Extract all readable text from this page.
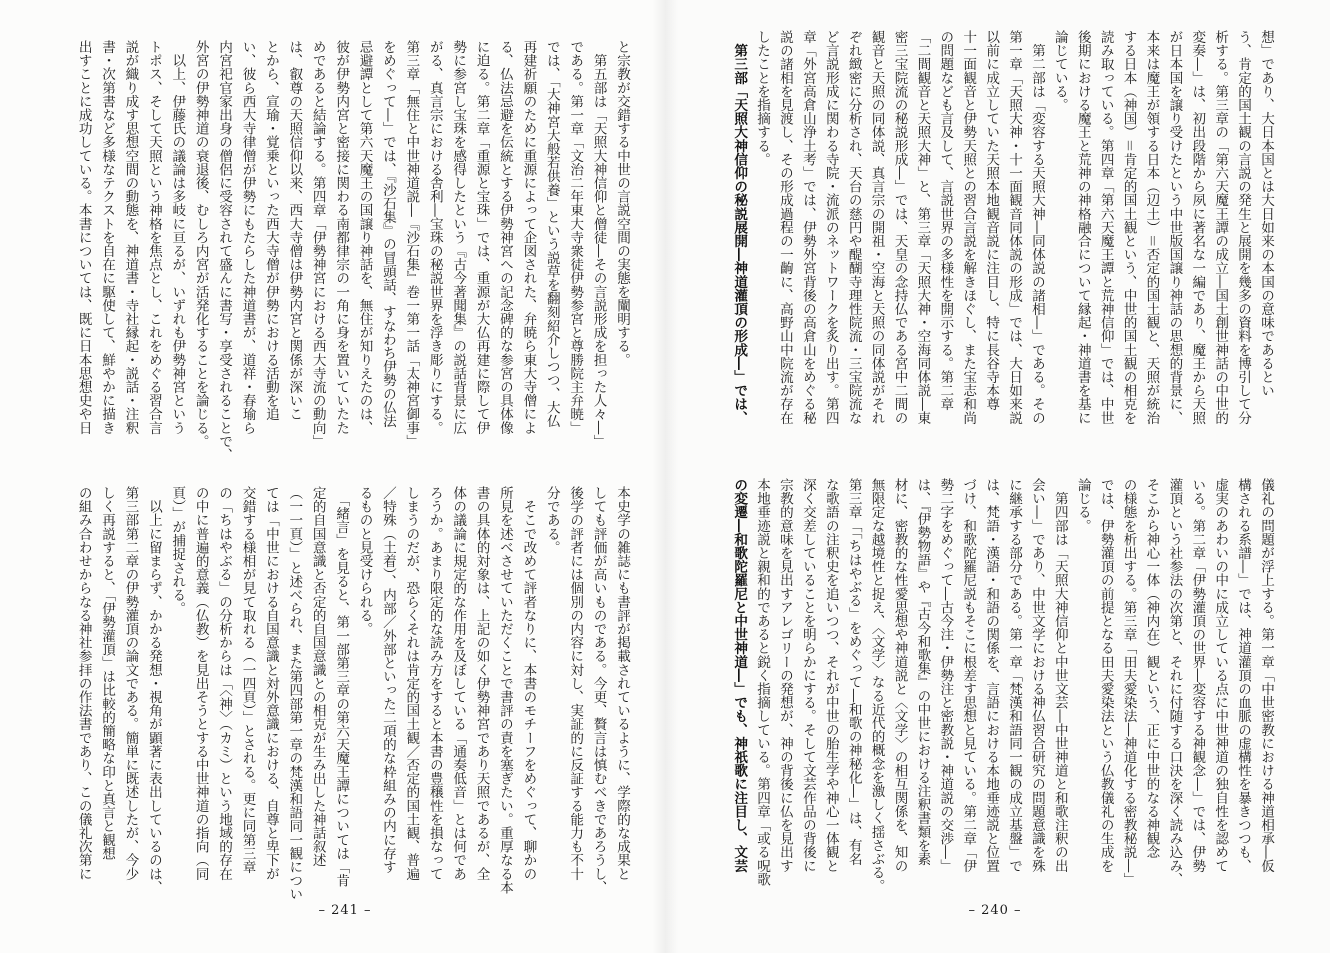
と宗教が交錯する中世の言説空間の実態を闡明する。
　第五部は「天照大神信仰と僧徒―その言説形成を担った人々―」
である。第一章「文治二年東大寺衆徒伊勢参宮と尊勝院主弁暁」
では、「大神宮大般若供養」という説草を翻刻紹介しつつ、大仏
再建祈願のために重源によって企図された、弁暁ら東大寺僧によ
る、仏法忌避を伝統とする伊勢神宮への記念碑的な参宮の具体像
に迫る。第二章「重源と宝珠」では、重源が大仏再建に際して伊
勢に参宮し宝珠を感得したという『古今著聞集』の説話背景に広
がる、真言宗における舎利―宝珠の秘説世界を浮き彫りにする。
第三章「無住と中世神道説―『沙石集』巻一第一話「太神宮御事」
をめぐって―」では、『沙石集』の冒頭話、すなわち伊勢の仏法
忌避譚として第六天魔王の国譲り神話を、無住が知りえたのは、
彼が伊勢内宮と密接に関わる南都律宗の一角に身を置いていたた
めであると結論する。第四章「伊勢神宮における西大寺流の動向」
は、叡尊の天照信仰以来、西大寺僧は伊勢内宮と関係が深いこ
とから、宣瑜・覚乗といった西大寺僧が伊勢における活動を追
い、彼ら西大寺律僧が伊勢にもたらした神道書が、道祥・春瑜ら
内宮祀官家出身の僧侶に受容されて盛んに書写・享受されることで、
外宮の伊勢神道の衰退後、むしろ内宮が活発化することを論じる。
　以上、伊藤氏の議論は多岐に亘るが、いずれも伊勢神宮という
トポス、そして天照という神格を焦点とし、これをめぐる習合言
説が織り成す思想空間の動態を、神道書・寺社縁起・説話・注釈
書・次第書など多様なテクストを自在に駆使して、鮮やかに描き
出すことに成功している。本書については、既に日本思想史や日
本史学の雑誌にも書評が掲載されているように、学際的な成果と
しても評価が高いものである。今更、贅言は慎むべきであろうし、
後学の評者には個別の内容に対し、実証的に反証する能力も不十
分である。
　そこで改めて評者なりに、本書のモチーフをめぐって、聊かの
所見を述べさせていただくことで書評の責を塞ぎたい。重厚なる本
書の具体的対象は、上記の如く伊勢神宮であり天照であるが、全
体の議論に規定的な作用を及ぼしている「通奏低音」とは何であ
ろうか。あまり限定的な読み方をすると本書の豊穣性を損なって
しまうのだが、恐らくそれは肯定的国土観／否定的国土観、普遍
／特殊（土着）、内部／外部といった二項的な枠組みの内に存す
るものと見受けられる。
　「緒言」を見ると、第一部第三章の第六天魔王譚については「肯
定的自国意識と否定的自国意識との相克が生み出した神話叙述
（一一頁）」と述べられ、また第四部第一章の梵漢和語同一観につい
ては「中世における自国意識と対外意識における、自尊と卑下が
交錯する様相が見て取れる（一四頁）」とされる。更に同第三章
の「ちはやぶる」の分析からは「〈神〉（カミ）という地域的存在
の中に普遍的意義（仏教）を見出そうとする中世神道の指向（同
頁）」が捕捉される。
　以上に留まらず、かかる発想・視角が顕著に表出しているのは、
第三部第二章の伊勢灌頂の論文である。簡単に既述したが、今少
しく再説すると、「伊勢灌頂」は比較的簡略な印と真言と観想
の組み合わせからなる神社参拝の作法書であり、この儀礼次第に
– 241 –
想」であり、大日本国とは大日如来の本国の意味であるとい
う、肯定的国土観の言説の発生と展開を幾多の資料を博引して分
析する。第三章の「第六天魔王譚の成立―国土創世神話の中世的
変奏―」は、初出段階から夙に著名な一編であり、魔王から天照
が日本国を譲り受けたという中世版国譲り神話の思想的背景に、
本来は魔王が領する日本（辺土）＝否定的国土観と、天照が統治
する日本（神国）＝肯定的国土観という、中世的国土観の相克を
読み取っている。第四章「第六天魔王譚と荒神信仰」では、中世
後期における魔王と荒神の神格融合について縁起・神道書を基に
論じている。
　第二部は「変容する天照大神―同体説の諸相―」である。その
第一章「天照大神・十一面観音同体説の形成」では、大日如来説
以前に成立していた天照本地観音説に注目し、特に長谷寺本尊
十一面観音と伊勢天照との習合言説を解きほぐし、また宝志和尚
の問題なども言及して、言説世界の多様性を開示する。第二章
「二間観音と天照大神」と、第三章「天照大神・空海同体説―東
密三宝院流の秘説形成―」では、天皇の念持仏である宮中二間の
観音と天照の同体説、真言宗の開祖・空海と天照の同体説がそれ
ぞれ緻密に分析され、天台の慈円や醍醐寺理性院流・三宝院流な
ど言説形成に関わる寺院・流派のネットワークを炙り出す。第四
章「外宮高倉山浄土考」では、伊勢外宮背後の高倉山をめぐる秘
説の諸相を見渡し、その形成過程の一齣に、高野山中院流が存在
したことを指摘する。
　第三部「天照大神信仰の秘説展開―神道灌頂の形成―」では、
儀礼の問題が浮上する。第一章「中世密教における神道相承―仮
構される系譜―」では、神道灌頂の血脈の虚構性を暴きつつも、
虚実のあわいの中に成立している点に中世神道の独自性を認めて
いる。第二章「伊勢灌頂の世界―変容する神観念―」では、伊勢
灌頂という社参法の次第と、それに付随する口決を深く読み込み、
そこから神心一体（神内在）観という、正に中世的なる神観念
の様態を析出する。第三章「田夫愛染法―神道化する密教秘説―」
では、伊勢灌頂の前提となる田夫愛染法という仏教儀礼の生成を
論じる。
　第四部は「天照大神信仰と中世文芸―中世神道と和歌注釈の出
会い―」であり、中世文学における神仏習合研究の問題意識を殊
に継承する部分である。第一章「梵漢和語同一観の成立基盤」で
は、梵語・漢語・和語の関係を、言語における本地垂迹説と位置
づけ、和歌陀羅尼説もそこに根差す思想と見ている。第二章「伊
勢二字をめぐって―古今注・伊勢注と密教説・神道説の交渉―」
は、『伊勢物語』や『古今和歌集』の中世における注釈書類を素
材に、密教的な性愛思想や神道説と〈文学〉の相互関係を、知の
無限定な越境性と捉え、〈文学〉なる近代的概念を激しく揺さぶる。
第三章「「ちはやぶる」をめぐって―和歌の神秘化―」は、有名
な歌語の注釈史を追いつつ、それが中世の胎生学や神心一体観と
深く交差していることを明らかにする。そして文芸作品の背後に
宗教的意味を見出すアレゴリーの発想が、神の背後に仏を見出す
本地垂迹説と親和的であると鋭く指摘している。第四章「或る呪歌
の変遷―和歌陀羅尼と中世神道―」でも、神祇歌に注目し、文芸
– 240 –
